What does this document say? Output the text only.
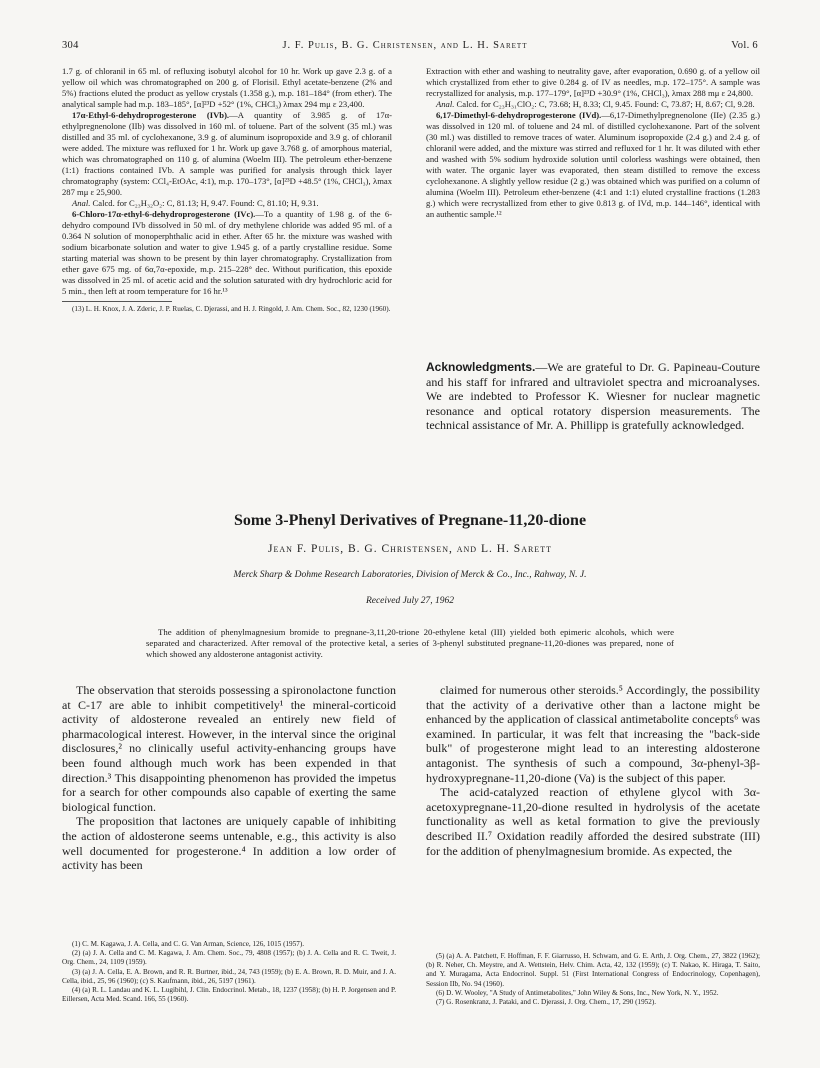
304	J. F. Pulis, B. G. Christensen, and L. H. Sarett	Vol. 6

1.7 g. of chloranil in 65 ml. of refluxing isobutyl alcohol for 10 hr. Work up gave 2.3 g. of a yellow oil which was chromatographed on 200 g. of Florisil. Ethyl acetate-benzene (2% and 5%) fractions eluted the product as yellow crystals (1.358 g.), m.p. 181–184° (from ether). The analytical sample had m.p. 183–185°, [α]²³D +52° (1%, CHCl₃) λmax 294 mμ ε 23,400.

17α-Ethyl-6-dehydroprogesterone (IVb).—A quantity of 3.985 g. of 17α-ethylpregnenolone (IIb) was dissolved in 160 ml. of toluene. Part of the solvent (35 ml.) was distilled and 35 ml. of cyclohexanone, 3.9 g. of aluminum isopropoxide and 3.9 g. of chloranil were added. The mixture was refluxed for 1 hr. Work up gave 3.768 g. of amorphous material, which was chromatographed on 110 g. of alumina (Woelm III). The petroleum ether-benzene (1:1) fractions contained IVb. A sample was purified for analysis through thick layer chromatography (system: CCl₄-EtOAc, 4:1), m.p. 170–173°, [α]²³D +48.5° (1%, CHCl₃), λmax 287 mμ ε 25,900.

Anal. Calcd. for C₂₃H₃₂O₂: C, 81.13; H, 9.47. Found: C, 81.10; H, 9.31.

6-Chloro-17α-ethyl-6-dehydroprogesterone (IVc).—To a quantity of 1.98 g. of the 6-dehydro compound IVb dissolved in 50 ml. of dry methylene chloride was added 95 ml. of a 0.364 N solution of monoperphthalic acid in ether. After 65 hr. the mixture was washed with sodium bicarbonate solution and water to give 1.945 g. of a partly crystalline residue. Some starting material was shown to be present by thin layer chromatography. Crystallization from ether gave 675 mg. of 6α,7α-epoxide, m.p. 215–228° dec. Without purification, this epoxide was dissolved in 25 ml. of acetic acid and the solution saturated with dry hydrochloric acid for 5 min., then left at room temperature for 16 hr.¹³

(13) L. H. Knox, J. A. Zderic, J. P. Ruelas, C. Djerassi, and H. J. Ringold, J. Am. Chem. Soc., 82, 1230 (1960).

Extraction with ether and washing to neutrality gave, after evaporation, 0.690 g. of a yellow oil which crystallized from ether to give 0.284 g. of IV as needles, m.p. 172–175°. A sample was recrystallized for analysis, m.p. 177–179°, [α]²³D +30.9° (1%, CHCl₃), λmax 288 mμ ε 24,800.

Anal. Calcd. for C₂₃H₃₁ClO₂: C, 73.68; H, 8.33; Cl, 9.45. Found: C, 73.87; H, 8.67; Cl, 9.28.

6,17-Dimethyl-6-dehydroprogesterone (IVd).—6,17-Dimethylpregnenolone (IIe) (2.35 g.) was dissolved in 120 ml. of toluene and 24 ml. of distilled cyclohexanone. Part of the solvent (30 ml.) was distilled to remove traces of water. Aluminum isopropoxide (2.4 g.) and 2.4 g. of chloranil were added, and the mixture was stirred and refluxed for 1 hr. It was diluted with ether and washed with 5% sodium hydroxide solution until colorless washings were obtained, then with water. The organic layer was evaporated, then steam distilled to remove the excess cyclohexanone. A slightly yellow residue (2 g.) was obtained which was purified on a column of alumina (Woelm III). Petroleum ether-benzene (4:1 and 1:1) eluted crystalline fractions (1.283 g.) which were recrystallized from ether to give 0.813 g. of IVd, m.p. 144–146°, identical with an authentic sample.¹²

Acknowledgments.—We are grateful to Dr. G. Papineau-Couture and his staff for infrared and ultraviolet spectra and microanalyses. We are indebted to Professor K. Wiesner for nuclear magnetic resonance and optical rotatory dispersion measurements. The technical assistance of Mr. A. Phillipp is gratefully acknowledged.
Some 3-Phenyl Derivatives of Pregnane-11,20-dione
Jean F. Pulis, B. G. Christensen, and L. H. Sarett
Merck Sharp & Dohme Research Laboratories, Division of Merck & Co., Inc., Rahway, N. J.
Received July 27, 1962

The addition of phenylmagnesium bromide to pregnane-3,11,20-trione 20-ethylene ketal (III) yielded both epimeric alcohols, which were separated and characterized. After removal of the protective ketal, a series of 3-phenyl substituted pregnane-11,20-diones was prepared, none of which showed any aldosterone antagonist activity.

The observation that steroids possessing a spironolactone function at C-17 are able to inhibit competitively¹ the mineral-corticoid activity of aldosterone revealed an entirely new field of pharmacological interest. However, in the interval since the original disclosures,² no clinically useful activity-enhancing groups have been found although much work has been expended in that direction.³ This disappointing phenomenon has provided the impetus for a search for other compounds also capable of exerting the same biological function.

The proposition that lactones are uniquely capable of inhibiting the action of aldosterone seems untenable, e.g., this activity is also well documented for progesterone.⁴ In addition a low order of activity has been

claimed for numerous other steroids.⁵ Accordingly, the possibility that the activity of a derivative other than a lactone might be enhanced by the application of classical antimetabolite concepts⁶ was examined. In particular, it was felt that increasing the "back-side bulk" of progesterone might lead to an interesting aldosterone antagonist. The synthesis of such a compound, 3α-phenyl-3β-hydroxypregnane-11,20-dione (Va) is the subject of this paper.

The acid-catalyzed reaction of ethylene glycol with 3α-acetoxypregnane-11,20-dione resulted in hydrolysis of the acetate functionality as well as ketal formation to give the previously described II.⁷ Oxidation readily afforded the desired substrate (III) for the addition of phenylmagnesium bromide. As expected, the

(1) C. M. Kagawa, J. A. Cella, and C. G. Van Arman, Science, 126, 1015 (1957).

(2) (a) J. A. Cella and C. M. Kagawa, J. Am. Chem. Soc., 79, 4808 (1957); (b) J. A. Cella and R. C. Tweit, J. Org. Chem., 24, 1109 (1959).

(3) (a) J. A. Cella, E. A. Brown, and R. R. Burtner, ibid., 24, 743 (1959); (b) E. A. Brown, R. D. Muir, and J. A. Cella, ibid., 25, 96 (1960); (c) S. Kaufmann, ibid., 26, 5197 (1961).

(4) (a) R. L. Landau and K. L. Lugibihl, J. Clin. Endocrinol. Metab., 18, 1237 (1958); (b) H. P. Jorgensen and P. Eillersen, Acta Med. Scand. 166, 55 (1960).

(5) (a) A. A. Patchett, F. Hoffman, F. F. Giarrusso, H. Schwam, and G. E. Arth, J. Org. Chem., 27, 3822 (1962); (b) R. Neher, Ch. Meystre, and A. Wettstein, Helv. Chim. Acta, 42, 132 (1959); (c) T. Nakao, K. Hiraga, T. Saito, and Y. Muragama, Acta Endocrinol. Suppl. 51 (First International Congress of Endocrinology, Copenhagen), Session IIb, No. 94 (1960).

(6) D. W. Wooley, "A Study of Antimetabolites," John Wiley & Sons, Inc., New York, N. Y., 1952.

(7) G. Rosenkranz, J. Pataki, and C. Djerassi, J. Org. Chem., 17, 290 (1952).
